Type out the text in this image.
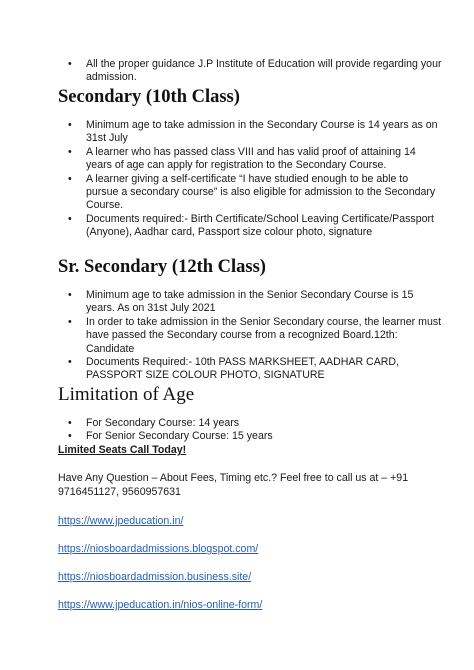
• All the proper guidance J.P Institute of Education will provide regarding your admission.
Secondary (10th Class)
• Minimum age to take admission in the Secondary Course is 14 years as on 31st July
• A learner who has passed class VIII and has valid proof of attaining 14 years of age can apply for registration to the Secondary Course.
• A learner giving a self-certificate “I have studied enough to be able to pursue a secondary course” is also eligible for admission to the Secondary Course.
• Documents required:- Birth Certificate/School Leaving Certificate/Passport (Anyone), Aadhar card, Passport size colour photo, signature
Sr. Secondary (12th Class)
• Minimum age to take admission in the Senior Secondary Course is 15 years. As on 31st July 2021
• In order to take admission in the Senior Secondary course, the learner must have passed the Secondary course from a recognized Board.12th: Candidate
• Documents Required:- 10th PASS MARKSHEET, AADHAR CARD, PASSPORT SIZE COLOUR PHOTO, SIGNATURE
Limitation of Age
• For Secondary Course: 14 years
• For Senior Secondary Course: 15 years
Limited Seats Call Today!
Have Any Question – About Fees, Timing etc.? Feel free to call us at – +91 9716451127, 9560957631
https://www.jpeducation.in/
https://niosboardadmissions.blogspot.com/
https://niosboardadmission.business.site/
https://www.jpeducation.in/nios-online-form/
